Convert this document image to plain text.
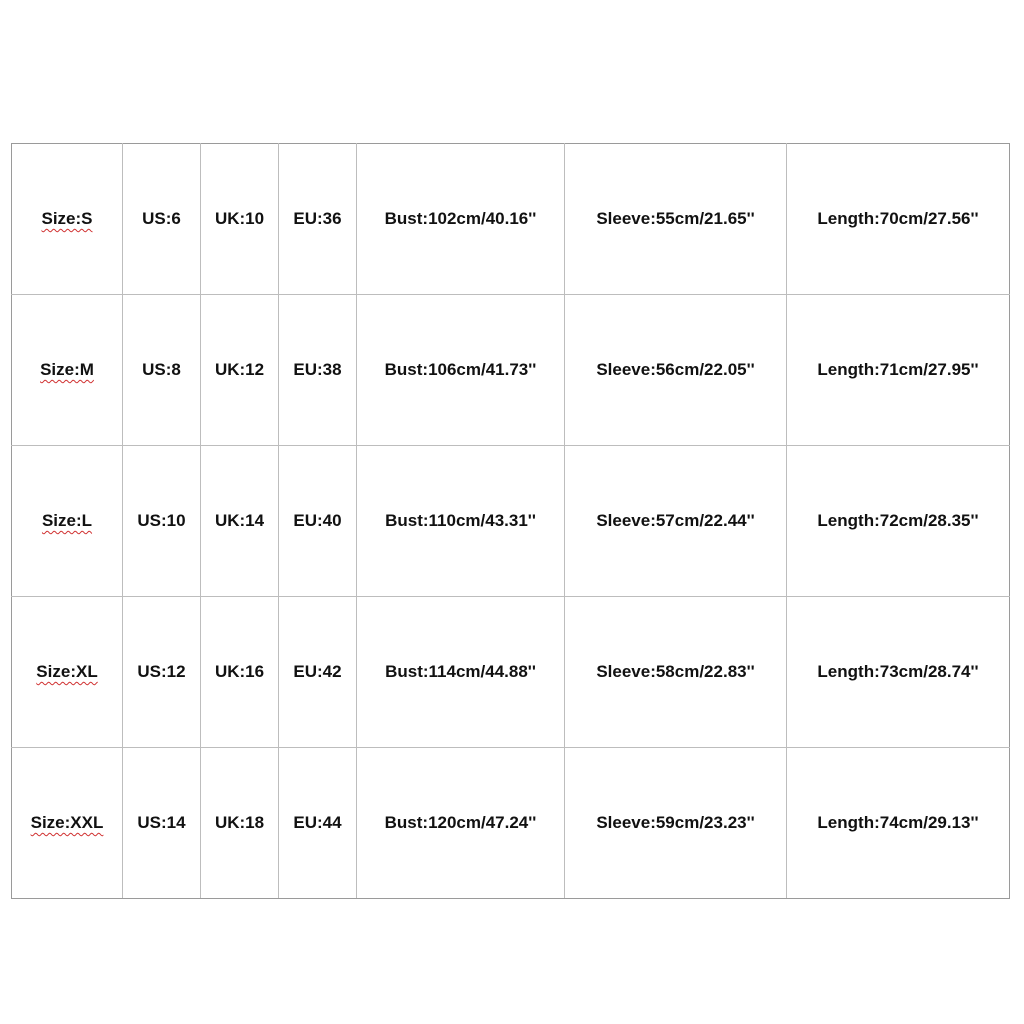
Size:S	US:6	UK:10	EU:36	Bust:102cm/40.16''	Sleeve:55cm/21.65''	Length:70cm/27.56''
Size:M	US:8	UK:12	EU:38	Bust:106cm/41.73''	Sleeve:56cm/22.05''	Length:71cm/27.95''
Size:L	US:10	UK:14	EU:40	Bust:110cm/43.31''	Sleeve:57cm/22.44''	Length:72cm/28.35''
Size:XL	US:12	UK:16	EU:42	Bust:114cm/44.88''	Sleeve:58cm/22.83''	Length:73cm/28.74''
Size:XXL	US:14	UK:18	EU:44	Bust:120cm/47.24''	Sleeve:59cm/23.23''	Length:74cm/29.13''
